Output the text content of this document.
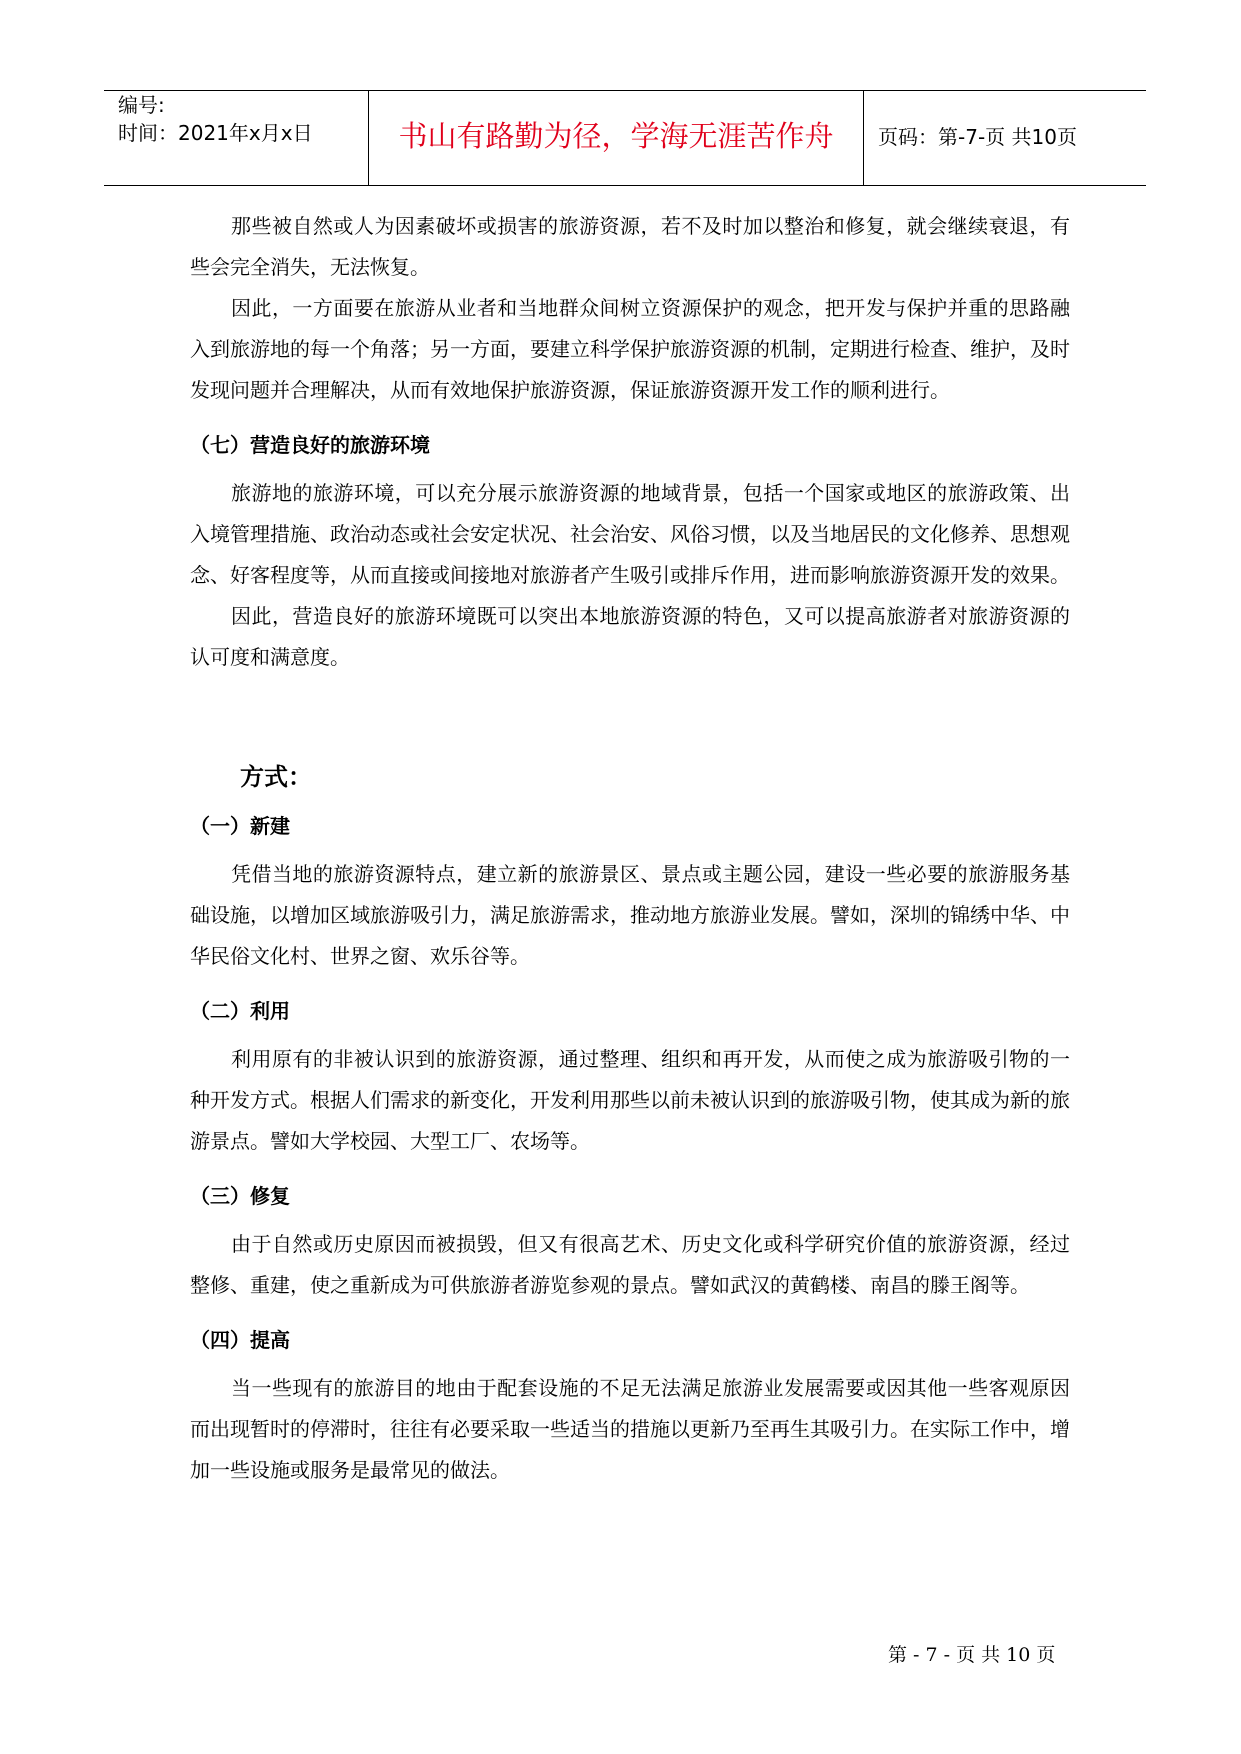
编号:
时间：2021年x月x日	书山有路勤为径，学海无涯苦作舟	页码：第-7-页 共10页

那些被自然或人为因素破坏或损害的旅游资源，若不及时加以整治和修复，就会继续衰退，有些会完全消失，无法恢复。

因此，一方面要在旅游从业者和当地群众间树立资源保护的观念，把开发与保护并重的思路融入到旅游地的每一个角落；另一方面，要建立科学保护旅游资源的机制，定期进行检查、维护，及时发现问题并合理解决，从而有效地保护旅游资源，保证旅游资源开发工作的顺利进行。

（七）营造良好的旅游环境

旅游地的旅游环境，可以充分展示旅游资源的地域背景，包括一个国家或地区的旅游政策、出入境管理措施、政治动态或社会安定状况、社会治安、风俗习惯，以及当地居民的文化修养、思想观念、好客程度等，从而直接或间接地对旅游者产生吸引或排斥作用，进而影响旅游资源开发的效果。

因此，营造良好的旅游环境既可以突出本地旅游资源的特色，又可以提高旅游者对旅游资源的认可度和满意度。

方式：
（一）新建

凭借当地的旅游资源特点，建立新的旅游景区、景点或主题公园，建设一些必要的旅游服务基础设施，以增加区域旅游吸引力，满足旅游需求，推动地方旅游业发展。譬如，深圳的锦绣中华、中华民俗文化村、世界之窗、欢乐谷等。

（二）利用

利用原有的非被认识到的旅游资源，通过整理、组织和再开发，从而使之成为旅游吸引物的一种开发方式。根据人们需求的新变化，开发利用那些以前未被认识到的旅游吸引物，使其成为新的旅游景点。譬如大学校园、大型工厂、农场等。

（三）修复

由于自然或历史原因而被损毁，但又有很高艺术、历史文化或科学研究价值的旅游资源，经过整修、重建，使之重新成为可供旅游者游览参观的景点。譬如武汉的黄鹤楼、南昌的滕王阁等。

（四）提高

当一些现有的旅游目的地由于配套设施的不足无法满足旅游业发展需要或因其他一些客观原因而出现暂时的停滞时，往往有必要采取一些适当的措施以更新乃至再生其吸引力。在实际工作中，增加一些设施或服务是最常见的做法。

第 - 7 - 页 共 10 页
